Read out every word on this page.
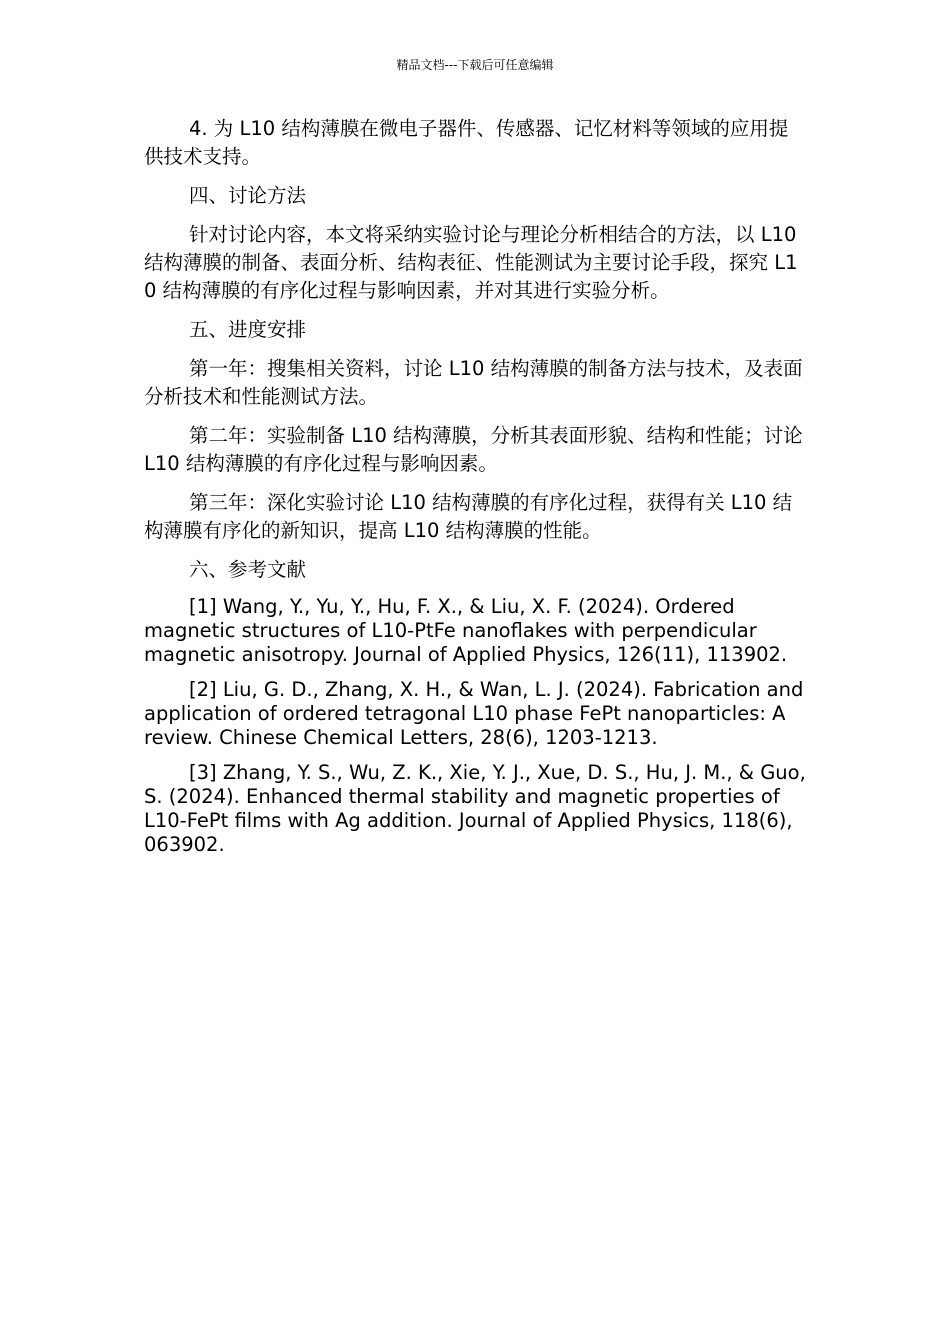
精品文档---下载后可任意编辑

4. 为 L10 结构薄膜在微电子器件、传感器、记忆材料等领域的应用提供技术支持。

四、讨论方法

针对讨论内容，本文将采纳实验讨论与理论分析相结合的方法，以 L10 结构薄膜的制备、表面分析、结构表征、性能测试为主要讨论手段，探究 L10 结构薄膜的有序化过程与影响因素，并对其进行实验分析。

五、进度安排

第一年：搜集相关资料，讨论 L10 结构薄膜的制备方法与技术，及表面分析技术和性能测试方法。

第二年：实验制备 L10 结构薄膜，分析其表面形貌、结构和性能；讨论 L10 结构薄膜的有序化过程与影响因素。

第三年：深化实验讨论 L10 结构薄膜的有序化过程，获得有关 L10 结构薄膜有序化的新知识，提高 L10 结构薄膜的性能。

六、参考文献

[1] Wang, Y., Yu, Y., Hu, F. X., & Liu, X. F. (2024). Ordered magnetic structures of L10-PtFe nanoflakes with perpendicular magnetic anisotropy. Journal of Applied Physics, 126(11), 113902.

[2] Liu, G. D., Zhang, X. H., & Wan, L. J. (2024). Fabrication and application of ordered tetragonal L10 phase FePt nanoparticles: A review. Chinese Chemical Letters, 28(6), 1203-1213.

[3] Zhang, Y. S., Wu, Z. K., Xie, Y. J., Xue, D. S., Hu, J. M., & Guo, S. (2024). Enhanced thermal stability and magnetic properties of L10-FePt films with Ag addition. Journal of Applied Physics, 118(6), 063902.
